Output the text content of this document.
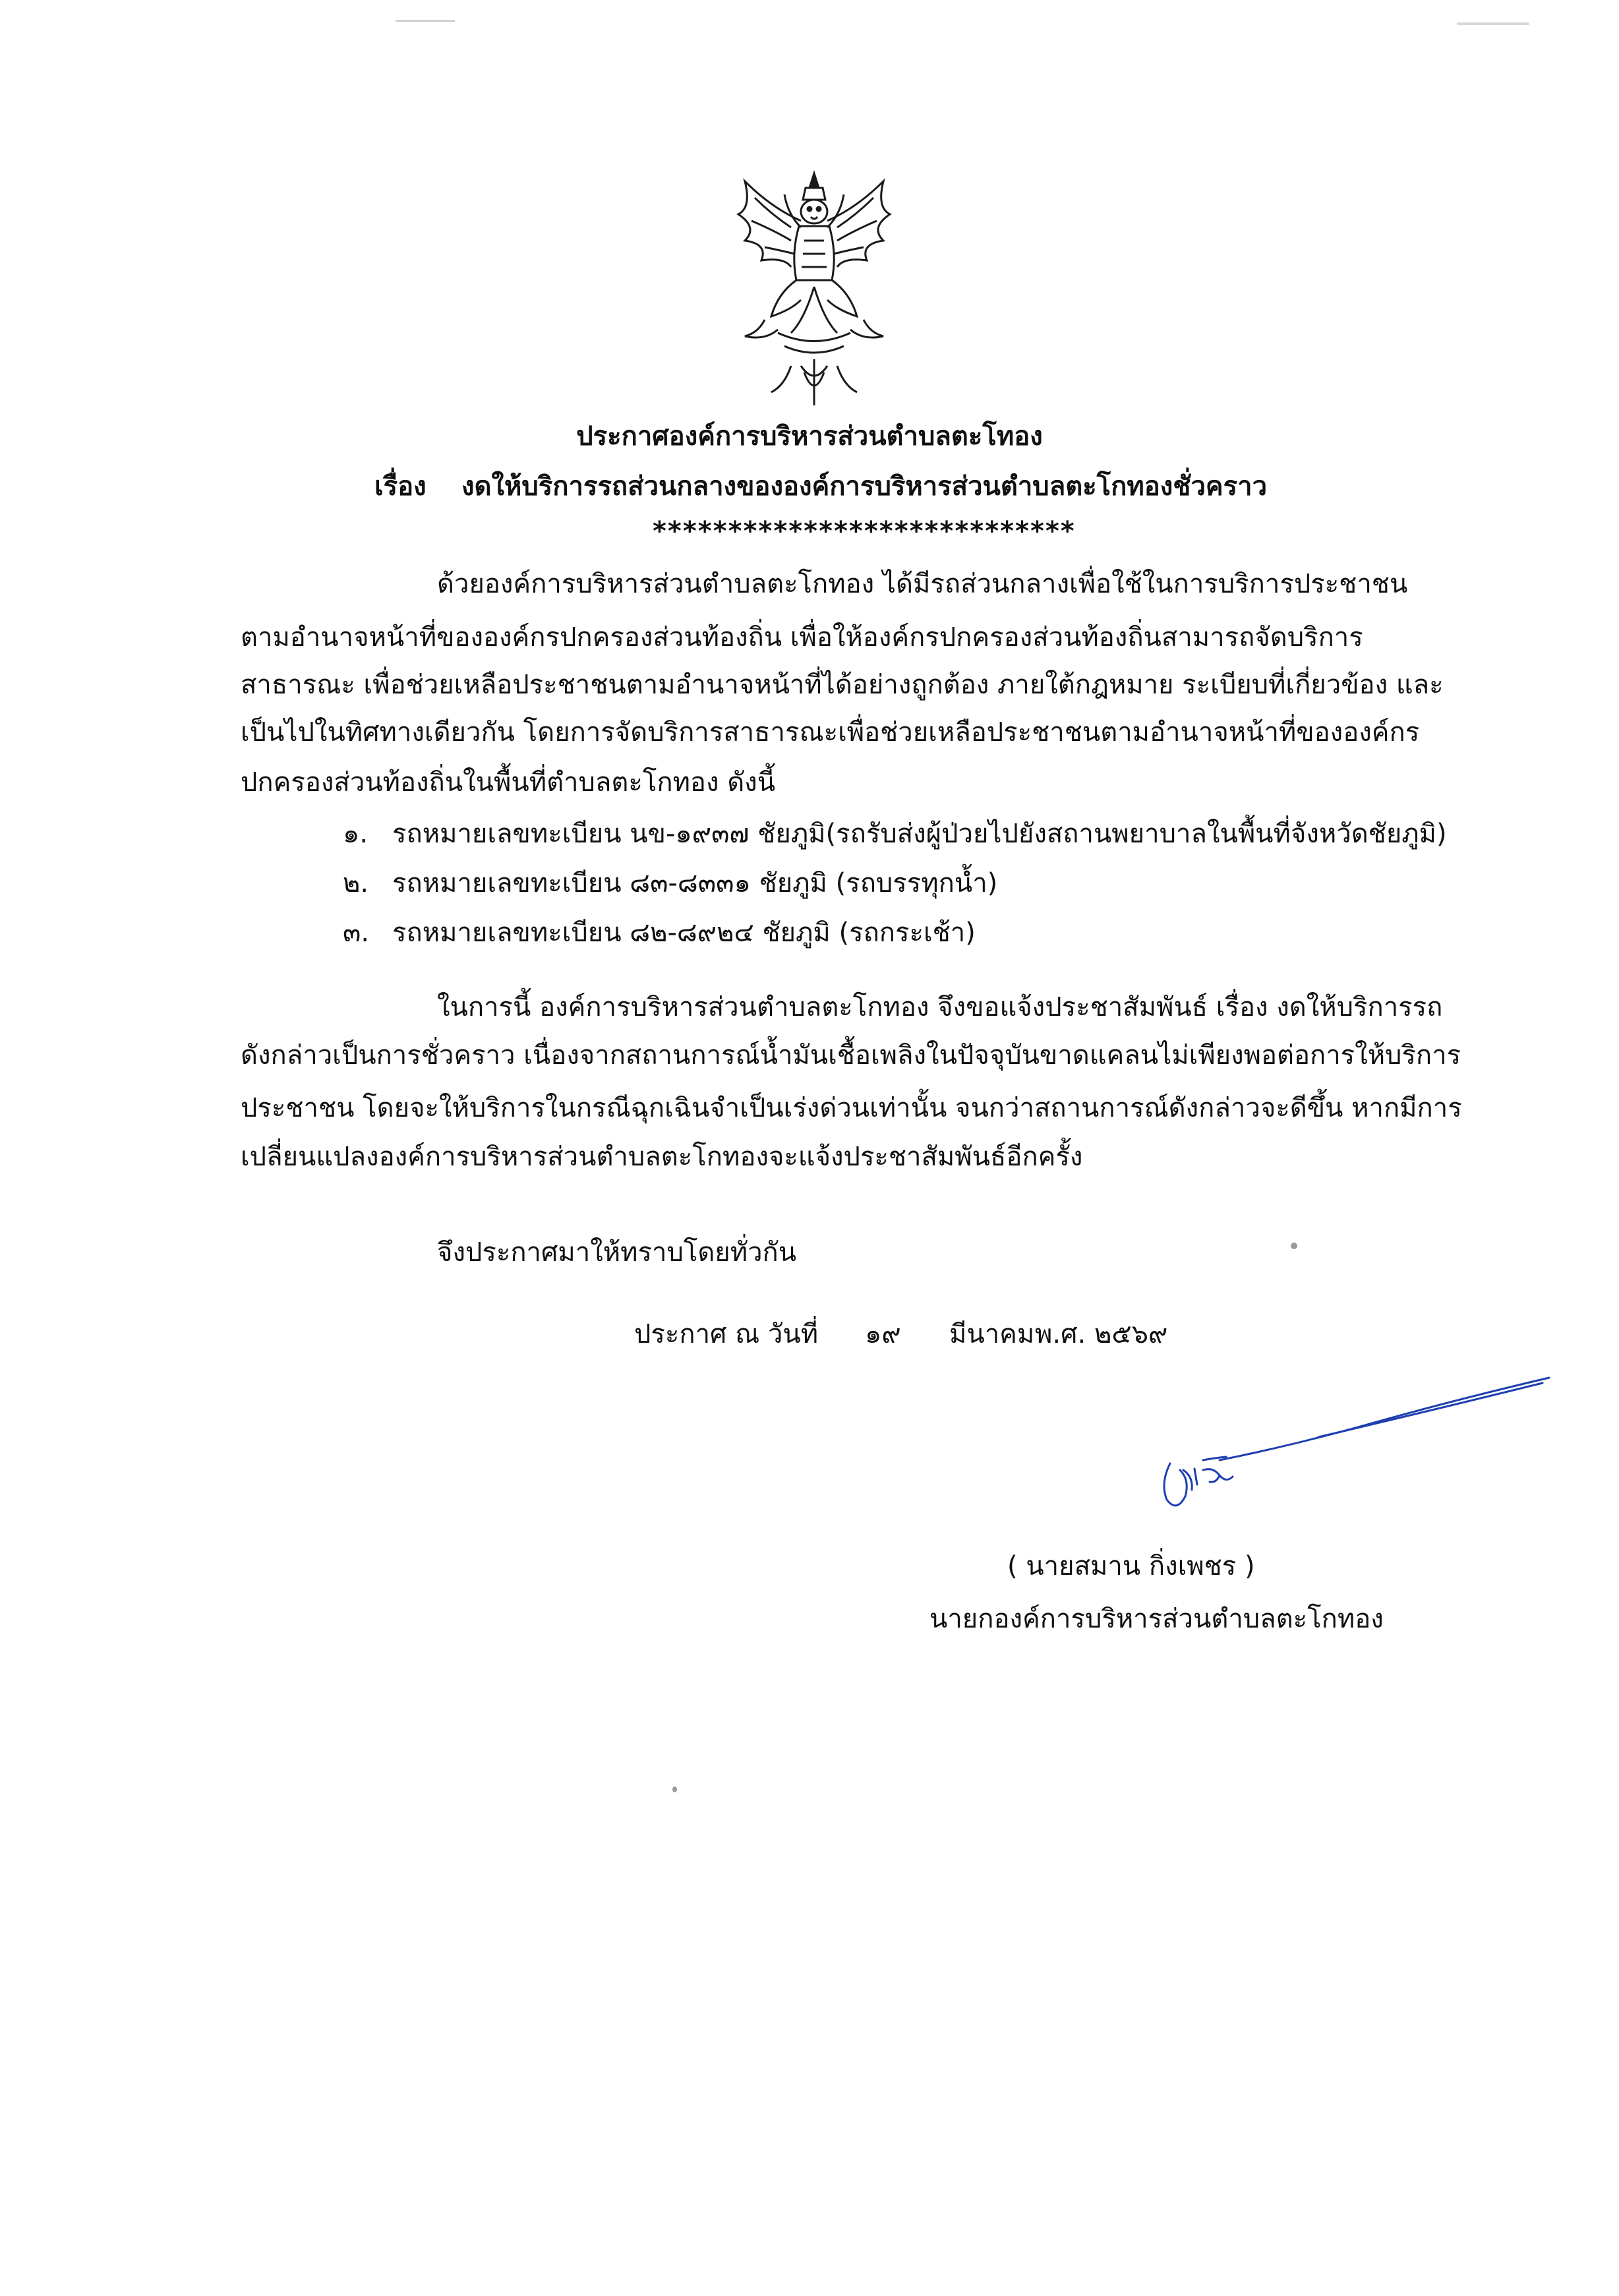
ประกาศองค์การบริหารส่วนตำบลตะโทอง
เรื่อง งดให้บริการรถส่วนกลางขององค์การบริหารส่วนตำบลตะโกทองชั่วคราว
****************************
ด้วยองค์การบริหารส่วนตำบลตะโกทอง ได้มีรถส่วนกลางเพื่อใช้ในการบริการประชาชน
ตามอำนาจหน้าที่ขององค์กรปกครองส่วนท้องถิ่น เพื่อให้องค์กรปกครองส่วนท้องถิ่นสามารถจัดบริการ
สาธารณะ เพื่อช่วยเหลือประชาชนตามอำนาจหน้าที่ได้อย่างถูกต้อง ภายใต้กฎหมาย ระเบียบที่เกี่ยวข้อง และ
เป็นไปในทิศทางเดียวกัน โดยการจัดบริการสาธารณะเพื่อช่วยเหลือประชาชนตามอำนาจหน้าที่ขององค์กร
ปกครองส่วนท้องถิ่นในพื้นที่ตำบลตะโกทอง ดังนี้
๑. รถหมายเลขทะเบียน นข-๑๙๓๗ ชัยภูมิ(รถรับส่งผู้ป่วยไปยังสถานพยาบาลในพื้นที่จังหวัดชัยภูมิ)
๒. รถหมายเลขทะเบียน ๘๓-๘๓๓๑ ชัยภูมิ (รถบรรทุกน้ำ)
๓. รถหมายเลขทะเบียน ๘๒-๘๙๒๔ ชัยภูมิ (รถกระเช้า)
ในการนี้ องค์การบริหารส่วนตำบลตะโกทอง จึงขอแจ้งประชาสัมพันธ์ เรื่อง งดให้บริการรถ
ดังกล่าวเป็นการชั่วคราว เนื่องจากสถานการณ์น้ำมันเชื้อเพลิงในปัจจุบันขาดแคลนไม่เพียงพอต่อการให้บริการ
ประชาชน โดยจะให้บริการในกรณีฉุกเฉินจำเป็นเร่งด่วนเท่านั้น จนกว่าสถานการณ์ดังกล่าวจะดีขึ้น หากมีการ
เปลี่ยนแปลงองค์การบริหารส่วนตำบลตะโกทองจะแจ้งประชาสัมพันธ์อีกครั้ง
จึงประกาศมาให้ทราบโดยทั่วกัน
ประกาศ ณ วันที่ ๑๙ มีนาคม พ.ศ. ๒๕๖๙
( นายสมาน กิ่งเพชร )
นายกองค์การบริหารส่วนตำบลตะโกทอง
